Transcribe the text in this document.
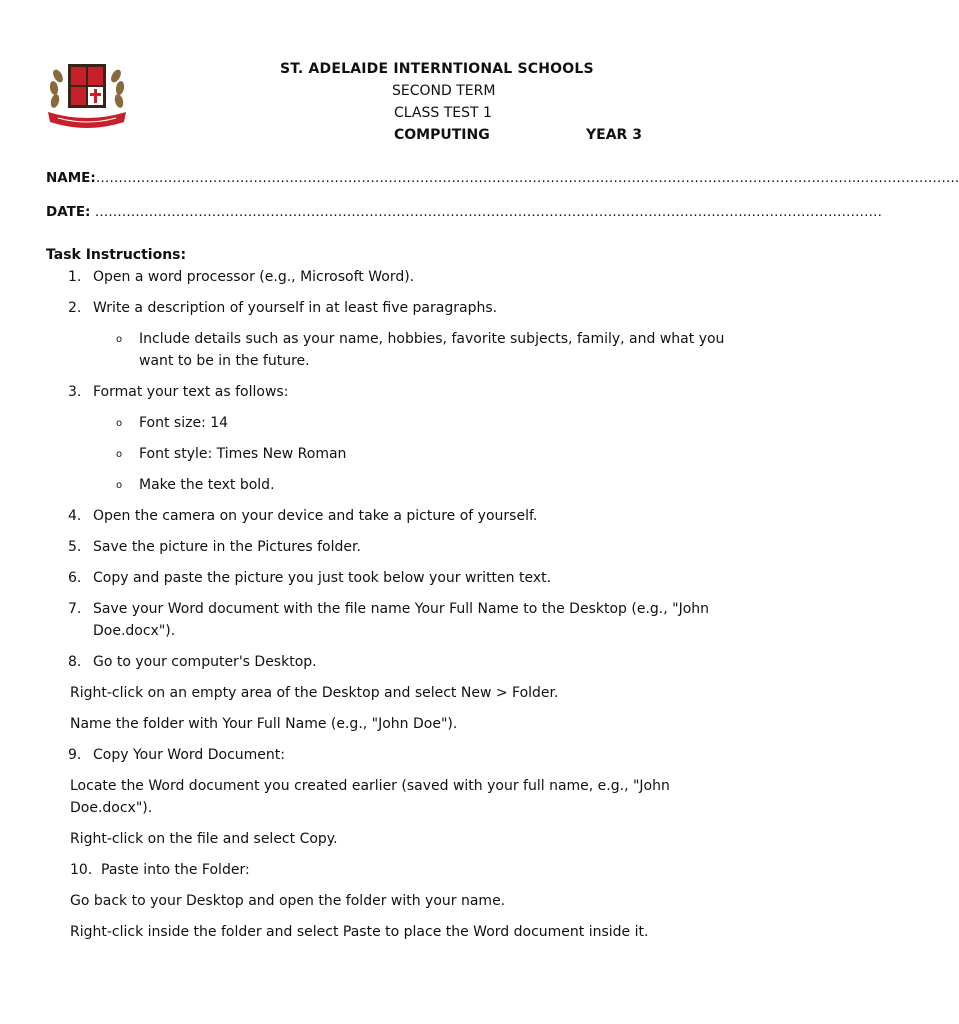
ST. ADELAIDE INTERNTIONAL SCHOOLS
SECOND TERM
CLASS TEST 1
COMPUTING	YEAR 3
NAME:……………………………………………………………………………………………………………………………………………………..………………….
DATE: ……………………………………………………………………………………………………………………………….…………………………
Task Instructions:
1. Open a word processor (e.g., Microsoft Word).
2. Write a description of yourself in at least five paragraphs.
o Include details such as your name, hobbies, favorite subjects, family, and what you want to be in the future.
3. Format your text as follows:
o Font size: 14
o Font style: Times New Roman
o Make the text bold.
4. Open the camera on your device and take a picture of yourself.
5. Save the picture in the Pictures folder.
6. Copy and paste the picture you just took below your written text.
7. Save your Word document with the file name Your Full Name to the Desktop (e.g., "John Doe.docx").
8. Go to your computer's Desktop.
Right-click on an empty area of the Desktop and select New > Folder.
Name the folder with Your Full Name (e.g., "John Doe").
9. Copy Your Word Document:
Locate the Word document you created earlier (saved with your full name, e.g., "John Doe.docx").
Right-click on the file and select Copy.
10. Paste into the Folder:
Go back to your Desktop and open the folder with your name.
Right-click inside the folder and select Paste to place the Word document inside it.
